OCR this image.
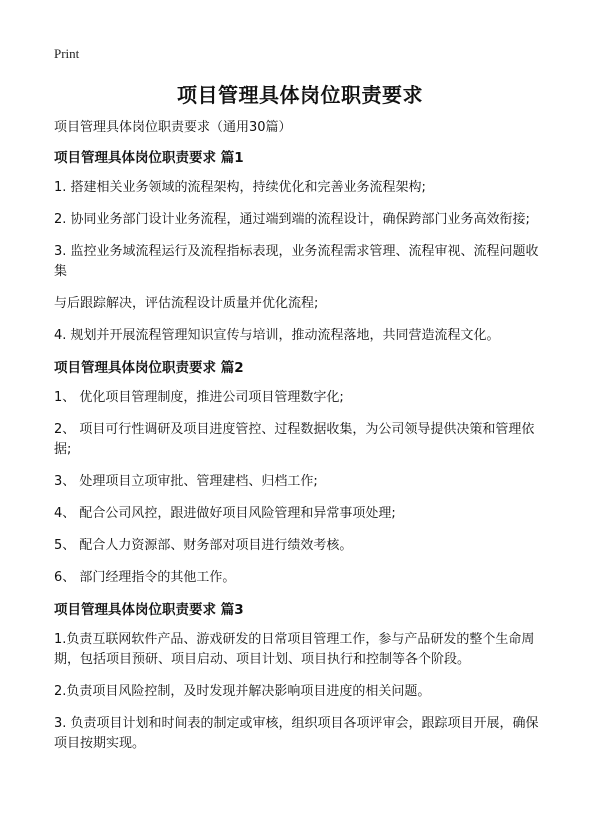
Print
项目管理具体岗位职责要求

项目管理具体岗位职责要求（通用30篇）

项目管理具体岗位职责要求 篇1

1. 搭建相关业务领域的流程架构，持续优化和完善业务流程架构;

2. 协同业务部门设计业务流程，通过端到端的流程设计，确保跨部门业务高效衔接;

3. 监控业务域流程运行及流程指标表现，业务流程需求管理、流程审视、流程问题收集

与后跟踪解决，评估流程设计质量并优化流程;

4. 规划并开展流程管理知识宣传与培训，推动流程落地，共同营造流程文化。

项目管理具体岗位职责要求 篇2

1、 优化项目管理制度，推进公司项目管理数字化;

2、 项目可行性调研及项目进度管控、过程数据收集，为公司领导提供决策和管理依据;

3、 处理项目立项审批、管理建档、归档工作;

4、 配合公司风控，跟进做好项目风险管理和异常事项处理;

5、 配合人力资源部、财务部对项目进行绩效考核。

6、 部门经理指令的其他工作。

项目管理具体岗位职责要求 篇3

1.负责互联网软件产品、游戏研发的日常项目管理工作，参与产品研发的整个生命周期，包括项目预研、项目启动、项目计划、项目执行和控制等各个阶段。

2.负责项目风险控制，及时发现并解决影响项目进度的相关问题。

3. 负责项目计划和时间表的制定或审核，组织项目各项评审会，跟踪项目开展，确保项目按期实现。
